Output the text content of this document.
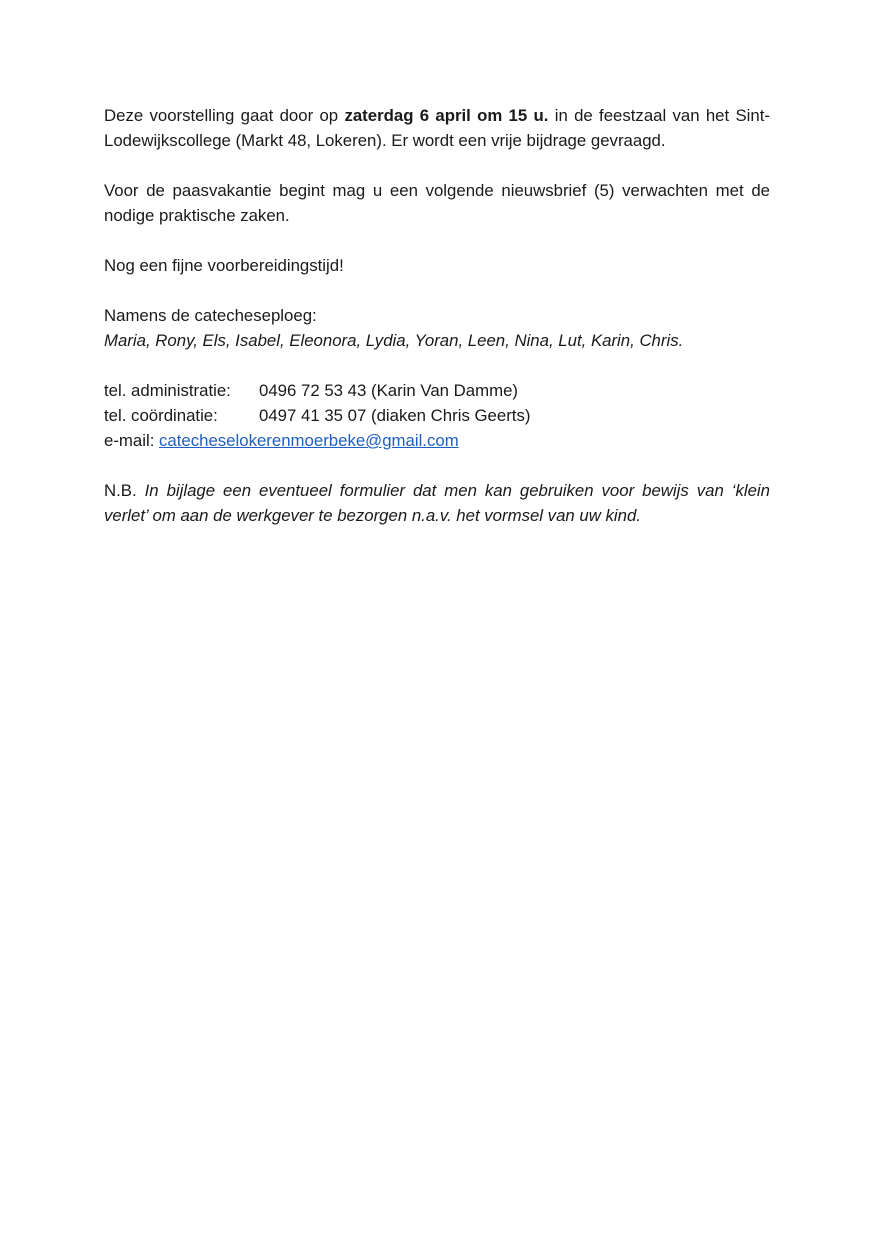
Deze voorstelling gaat door op zaterdag 6 april om 15 u. in de feestzaal van het Sint-Lodewijkscollege (Markt 48, Lokeren). Er wordt een vrije bijdrage gevraagd.

Voor de paasvakantie begint mag u een volgende nieuwsbrief (5) verwachten met de nodige praktische zaken.

Nog een fijne voorbereidingstijd!

Namens de catecheseploeg:
Maria, Rony, Els, Isabel, Eleonora, Lydia, Yoran, Leen, Nina, Lut, Karin, Chris.

tel. administratie:	0496 72 53 43 (Karin Van Damme)
tel. coördinatie:	0497 41 35 07 (diaken Chris Geerts)
e-mail: catecheselokerenmoerbeke@gmail.com

N.B. In bijlage een eventueel formulier dat men kan gebruiken voor bewijs van ‘klein verlet’ om aan de werkgever te bezorgen n.a.v. het vormsel van uw kind.
